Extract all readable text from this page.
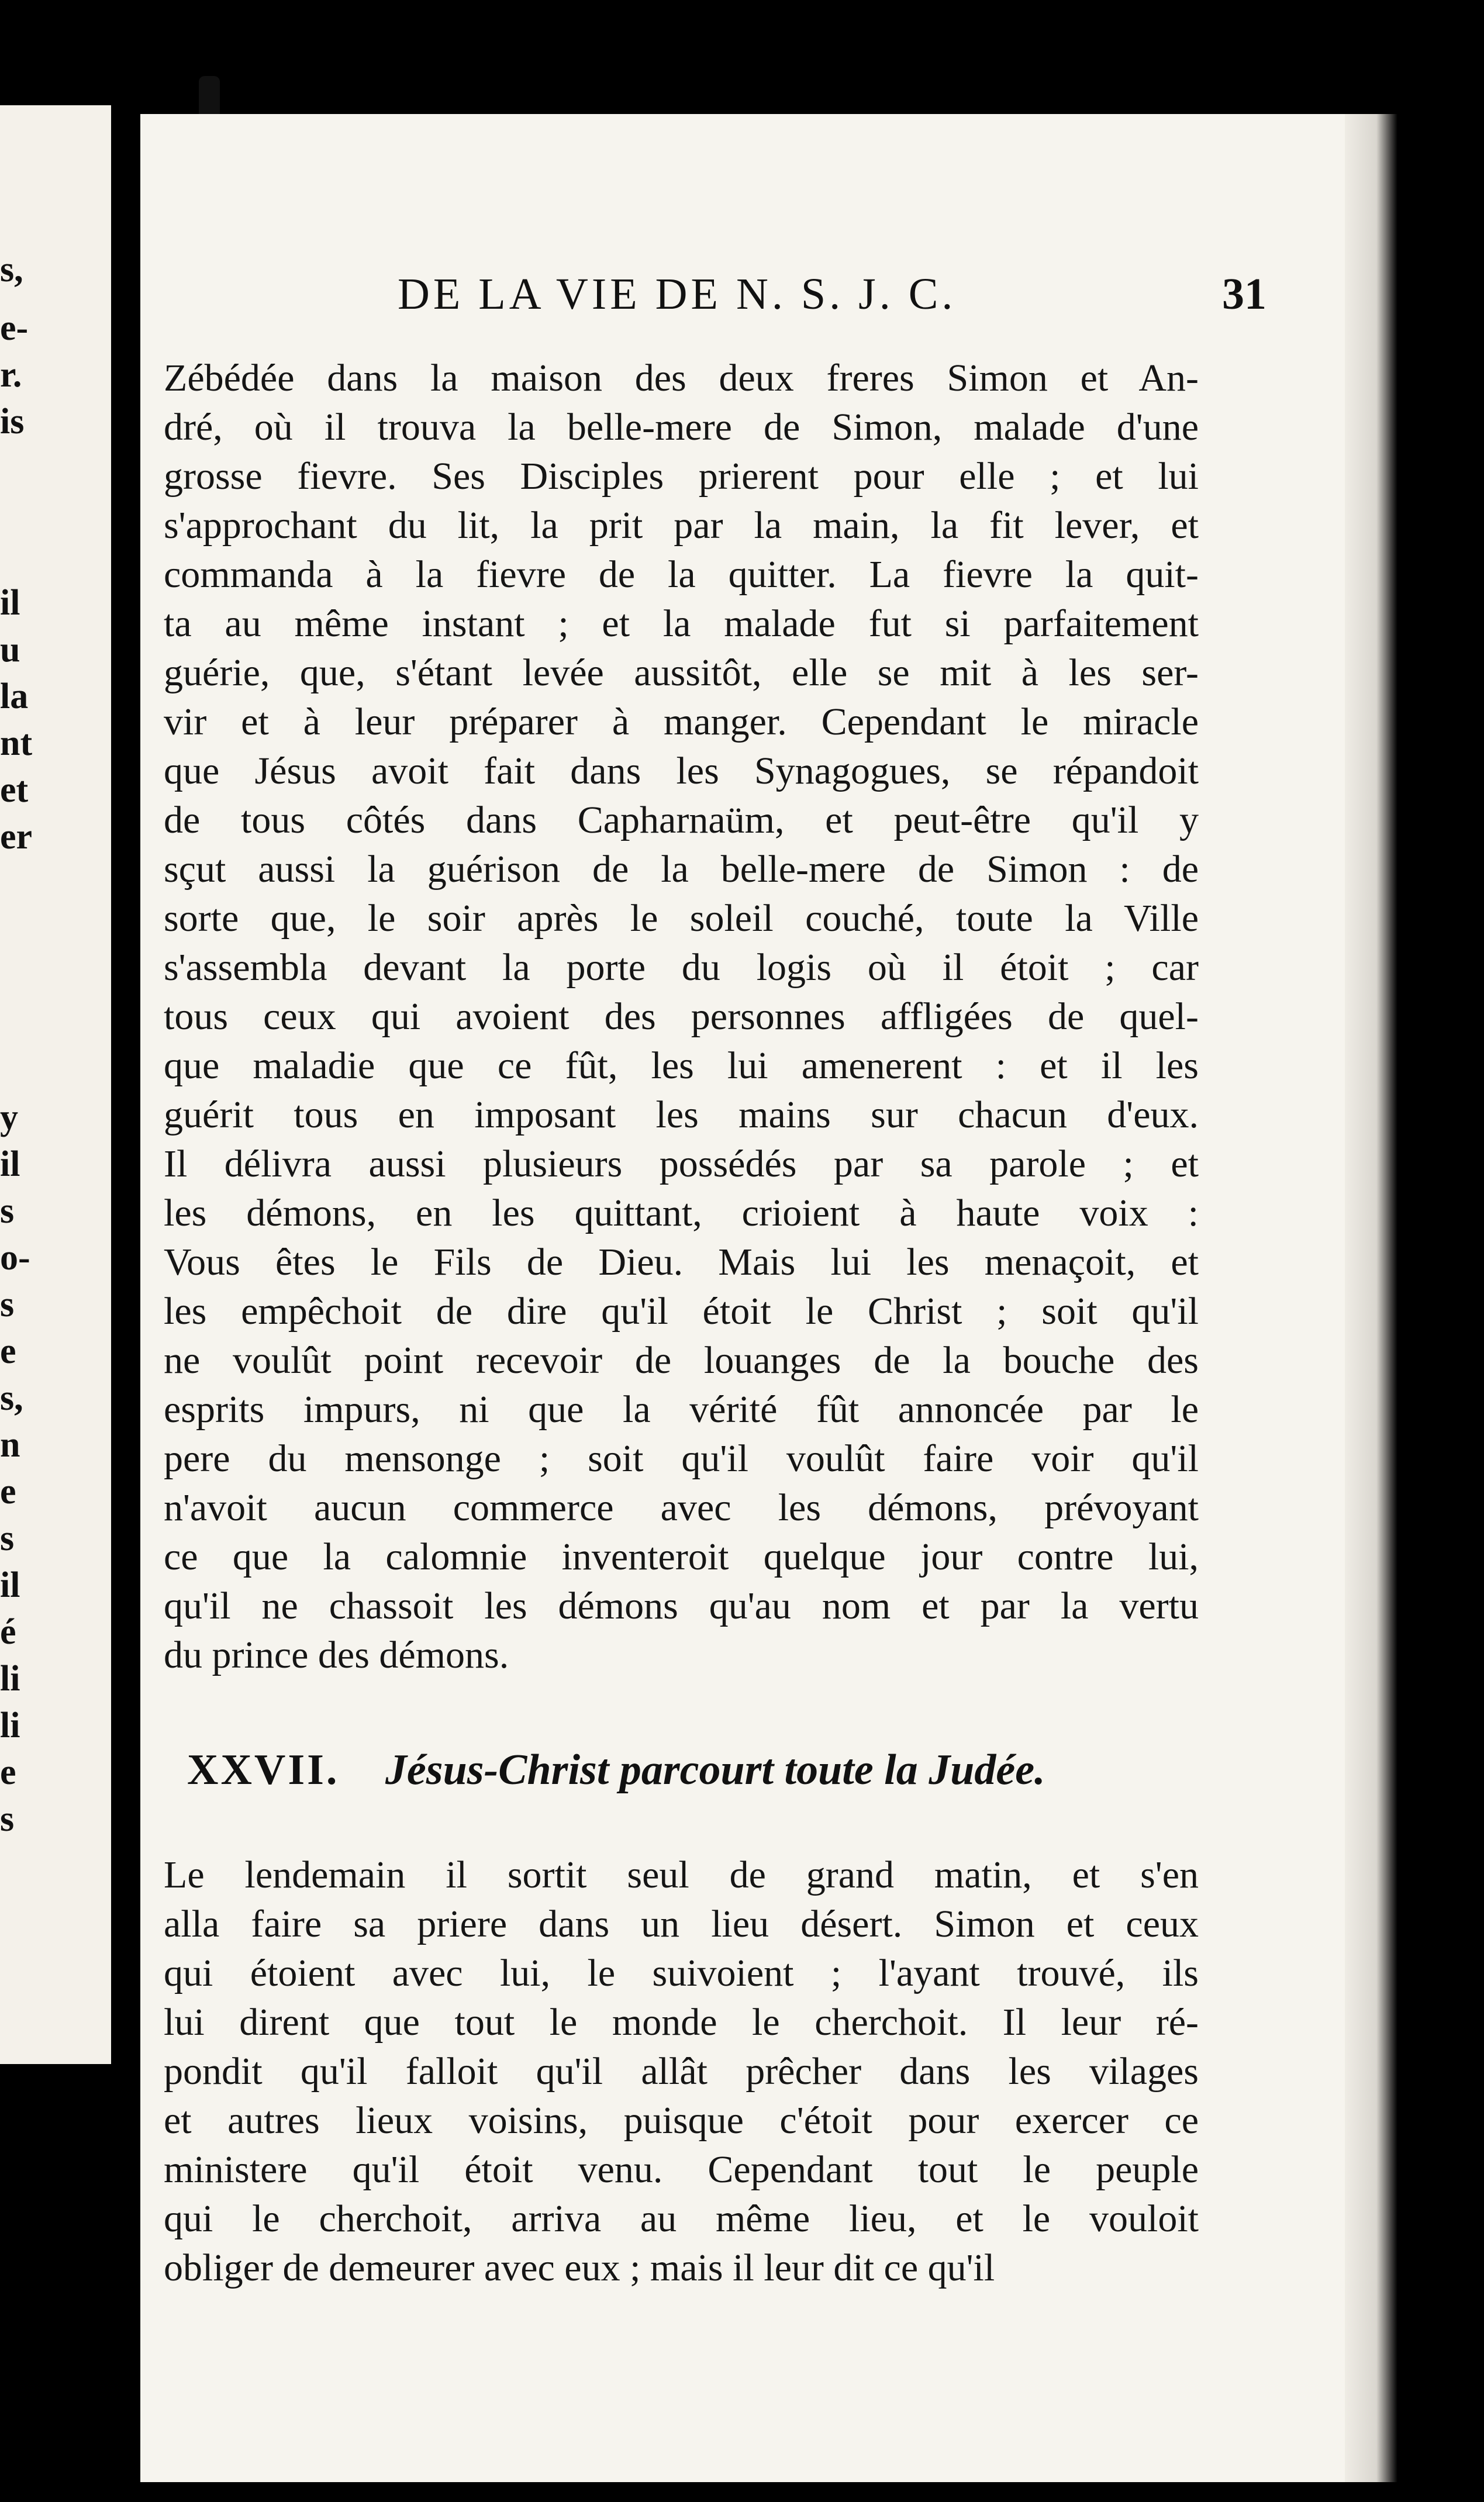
s,
e-
r.
is
il
u
la
nt
et
er
y
il
s
o-
s
e
s,
n
e
s
il
é
li
li
e
s
DE LA VIE DE N. S. J. C.	31
Zébédée dans la maison des deux freres Simon et An-
dré, où il trouva la belle-mere de Simon, malade d'une
grosse fievre. Ses Disciples prierent pour elle ; et lui
s'approchant du lit, la prit par la main, la fit lever, et
commanda à la fievre de la quitter. La fievre la quit-
ta au même instant ; et la malade fut si parfaitement
guérie, que, s'étant levée aussitôt, elle se mit à les ser-
vir et à leur préparer à manger. Cependant le miracle
que Jésus avoit fait dans les Synagogues, se répandoit
de tous côtés dans Capharnaüm, et peut-être qu'il y
sçut aussi la guérison de la belle-mere de Simon : de
sorte que, le soir après le soleil couché, toute la Ville
s'assembla devant la porte du logis où il étoit ; car
tous ceux qui avoient des personnes affligées de quel-
que maladie que ce fût, les lui amenerent : et il les
guérit tous en imposant les mains sur chacun d'eux.
Il délivra aussi plusieurs possédés par sa parole ; et
les démons, en les quittant, crioient à haute voix :
Vous êtes le Fils de Dieu. Mais lui les menaçoit, et
les empêchoit de dire qu'il étoit le Christ ; soit qu'il
ne voulût point recevoir de louanges de la bouche des
esprits impurs, ni que la vérité fût annoncée par le
pere du mensonge ; soit qu'il voulût faire voir qu'il
n'avoit aucun commerce avec les démons, prévoyant
ce que la calomnie inventeroit quelque jour contre lui,
qu'il ne chassoit les démons qu'au nom et par la vertu
du prince des démons.
XXVII. Jésus-Christ parcourt toute la Judée.
Le lendemain il sortit seul de grand matin, et s'en
alla faire sa priere dans un lieu désert. Simon et ceux
qui étoient avec lui, le suivoient ; l'ayant trouvé, ils
lui dirent que tout le monde le cherchoit. Il leur ré-
pondit qu'il falloit qu'il allât prêcher dans les vilages
et autres lieux voisins, puisque c'étoit pour exercer ce
ministere qu'il étoit venu. Cependant tout le peuple
qui le cherchoit, arriva au même lieu, et le vouloit
obliger de demeurer avec eux ; mais il leur dit ce qu'il
